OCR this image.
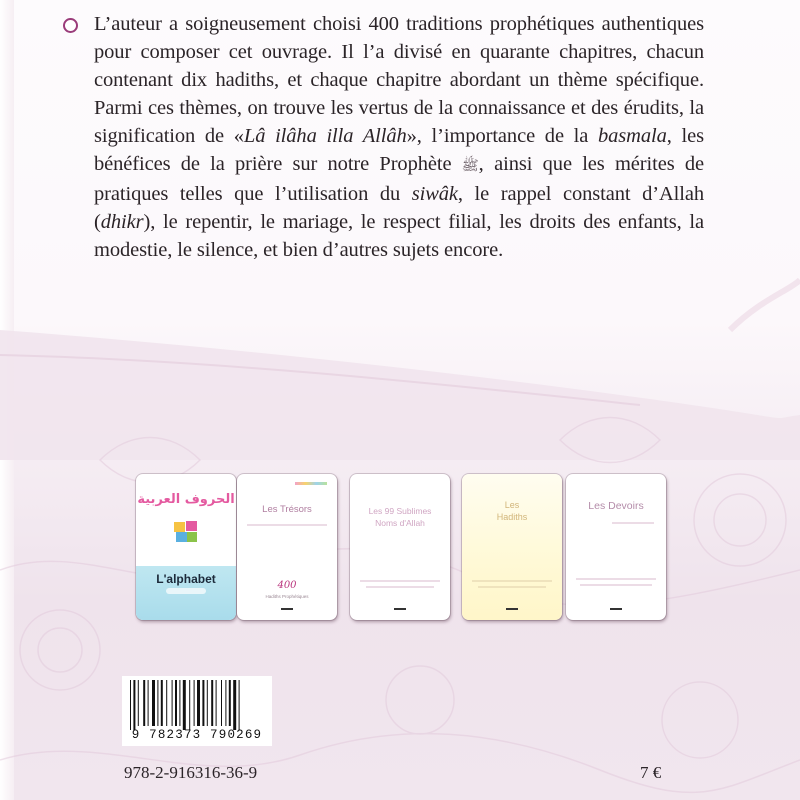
L’auteur a soigneusement choisi 400 traditions prophétiques authentiques pour composer cet ouvrage. Il l’a divisé en quarante chapitres, chacun contenant dix hadiths, et chaque chapitre abordant un thème spécifique. Parmi ces thèmes, on trouve les vertus de la connaissance et des érudits, la signification de «Lâ ilâha illa Allâh», l’importance de la basmala, les bénéfices de la prière sur notre Prophète ﷺ, ainsi que les mérites de pratiques telles que l’utilisation du siwâk, le rappel constant d’Allah (dhikr), le repentir, le mariage, le respect filial, les droits des enfants, la modestie, le silence, et bien d’autres sujets encore.

الحروف العربية
L'alphabet
Les Trésors
400
Hadiths Prophétiques
Les 99 Sublimes
Noms d'Allah
Les
Hadiths
Les Devoirs
9 782373 790269
978-2-916316-36-9	7 €
